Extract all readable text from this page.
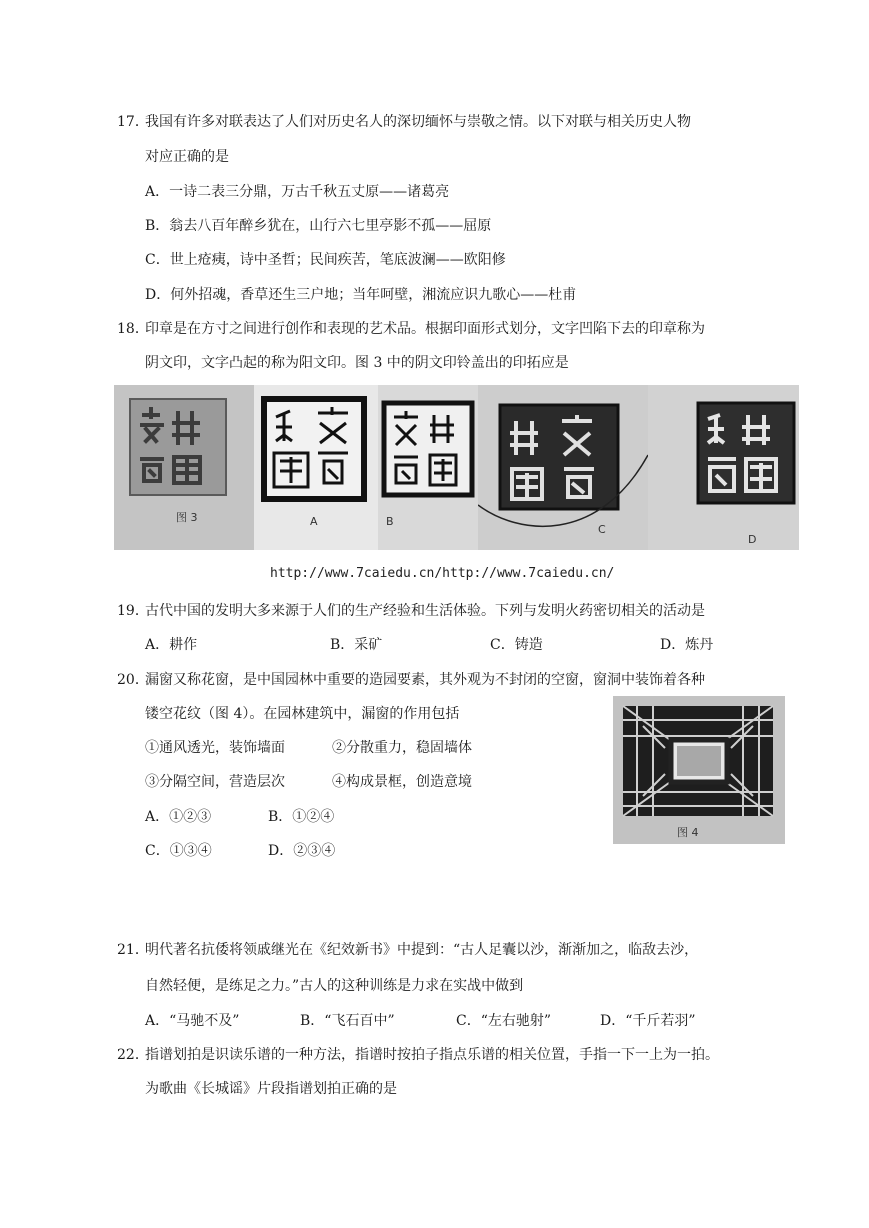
17．我国有许多对联表达了人们对历史名人的深切缅怀与崇敬之情。以下对联与相关历史人物
对应正确的是
A．一诗二表三分鼎，万古千秋五丈原——诸葛亮
B．翁去八百年醉乡犹在，山行六七里亭影不孤——屈原
C．世上疮痍，诗中圣哲；民间疾苦，笔底波澜——欧阳修
D．何外招魂，香草还生三户地；当年呵壁，湘流应识九歌心——杜甫
18．印章是在方寸之间进行创作和表现的艺术品。根据印面形式划分，文字凹陷下去的印章称为
阴文印，文字凸起的称为阳文印。图 3 中的阴文印铃盖出的印拓应是
图 3	A	B
C
D
http://www.7caiedu.cn/http://www.7caiedu.cn/
19．古代中国的发明大多来源于人们的生产经验和生活体验。下列与发明火药密切相关的活动是
A．耕作	B．采矿	C．铸造	D．炼丹
20．漏窗又称花窗，是中国园林中重要的造园要素，其外观为不封闭的空窗，窗洞中装饰着各种
镂空花纹（图 4）。在园林建筑中，漏窗的作用包括
①通风透光，装饰墙面	②分散重力，稳固墙体
③分隔空间，营造层次	④构成景框，创造意境
A．①②③	B．①②④
C．①③④	D．②③④
图 4
21．明代著名抗倭将领戚继光在《纪效新书》中提到：“古人足囊以沙，渐渐加之，临敌去沙，
自然轻便，是练足之力。”古人的这种训练是力求在实战中做到
A．“马驰不及”	B．“飞石百中”	C．“左右驰射”	D．“千斤若羽”
22．指谱划拍是识读乐谱的一种方法，指谱时按拍子指点乐谱的相关位置，手指一下一上为一拍。
为歌曲《长城谣》片段指谱划拍正确的是
